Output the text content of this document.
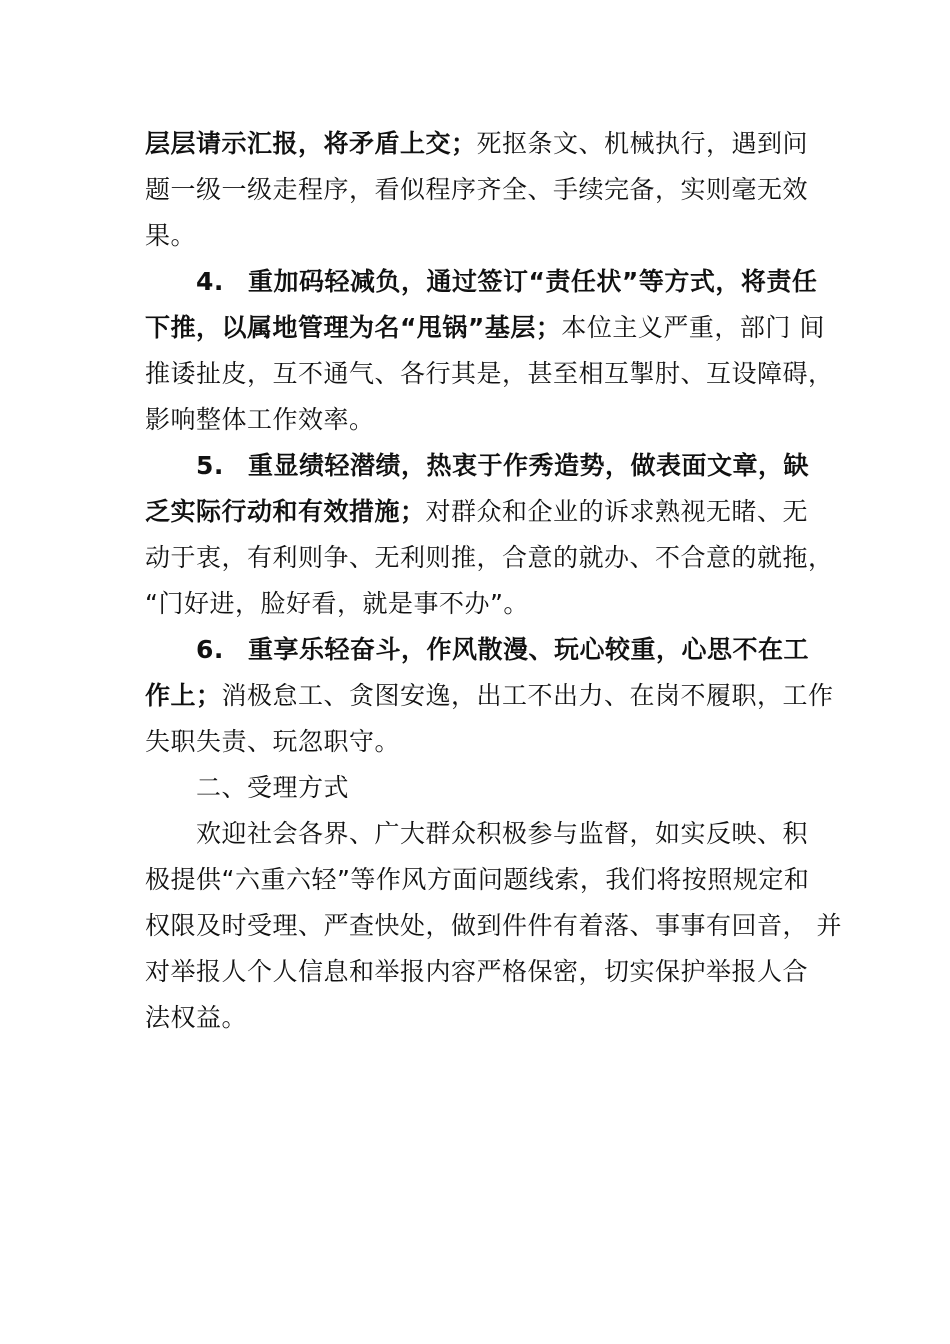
层层请示汇报，将矛盾上交；死抠条文、机械执行，遇到问
题一级一级走程序，看似程序齐全、手续完备，实则毫无效
果。
4. 重加码轻减负，通过签订“责任状”等方式，将责任
下推，以属地管理为名“甩锅”基层；本位主义严重，部门 间
推诿扯皮，互不通气、各行其是，甚至相互掣肘、互设障碍，
影响整体工作效率。
5. 重显绩轻潜绩，热衷于作秀造势，做表面文章，缺
乏实际行动和有效措施；对群众和企业的诉求熟视无睹、无
动于衷，有利则争、无利则推，合意的就办、不合意的就拖，
“门好进，脸好看，就是事不办”。
6. 重享乐轻奋斗，作风散漫、玩心较重，心思不在工
作上；消极怠工、贪图安逸，出工不出力、在岗不履职，工作
失职失责、玩忽职守。
二、受理方式
欢迎社会各界、广大群众积极参与监督，如实反映、积
极提供“六重六轻”等作风方面问题线索，我们将按照规定和
权限及时受理、严查快处，做到件件有着落、事事有回音， 并
对举报人个人信息和举报内容严格保密，切实保护举报人合
法权益。
